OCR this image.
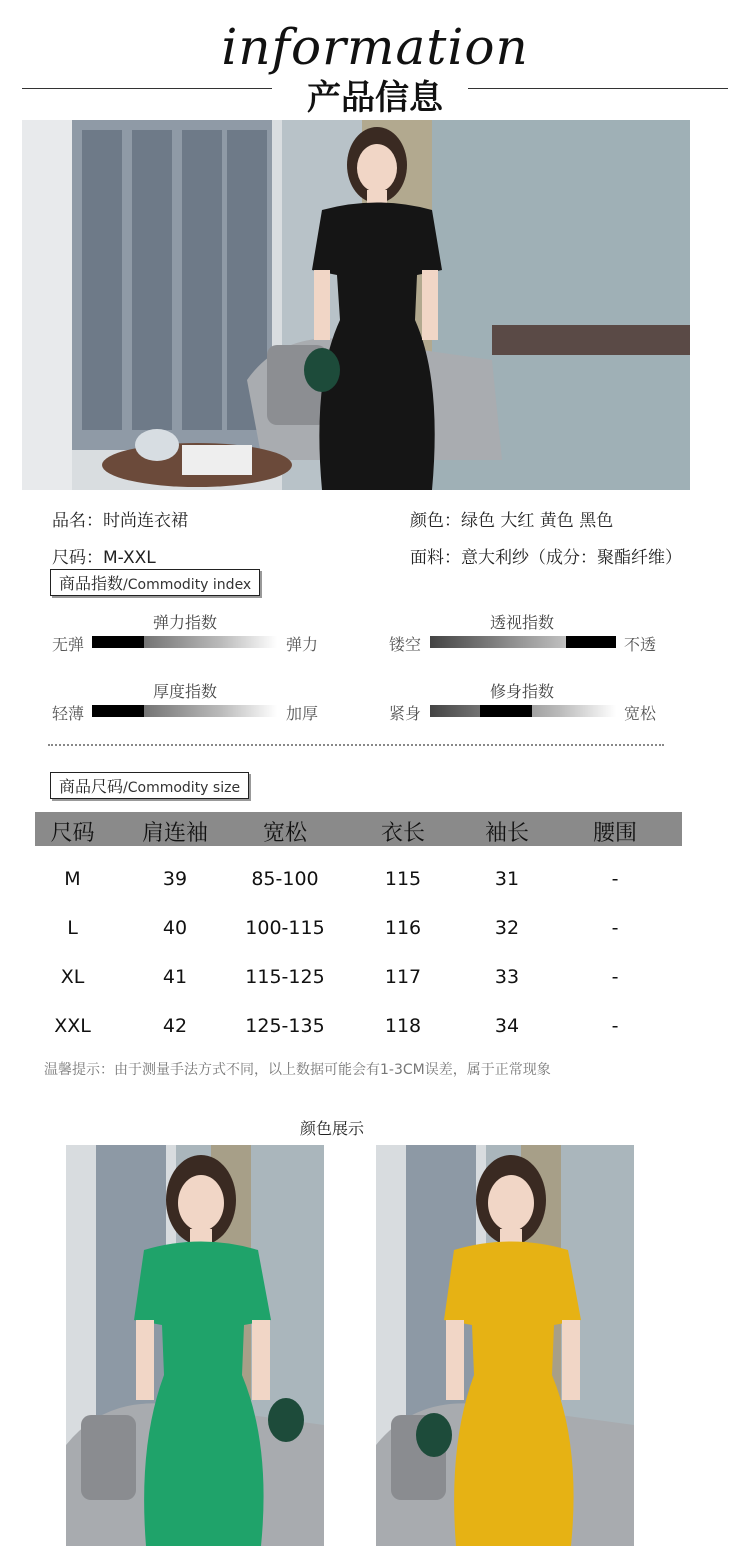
information
产品信息
品名：时尚连衣裙	颜色：绿色 大红 黄色 黑色
尺码：M-XXL	面料：意大利纱（成分：聚酯纤维）
商品指数/Commodity index
弹力指数
无弹	弹力
透视指数
镂空	不透
厚度指数
轻薄	加厚
修身指数
紧身	宽松
商品尺码/Commodity size
尺码	肩连袖	宽松	衣长	袖长	腰围
M	39	85-100	115	31	-
L	40	100-115	116	32	-
XL	41	115-125	117	33	-
XXL	42	125-135	118	34	-
温馨提示：由于测量手法方式不同，以上数据可能会有1-3CM误差，属于正常现象
颜色展示
